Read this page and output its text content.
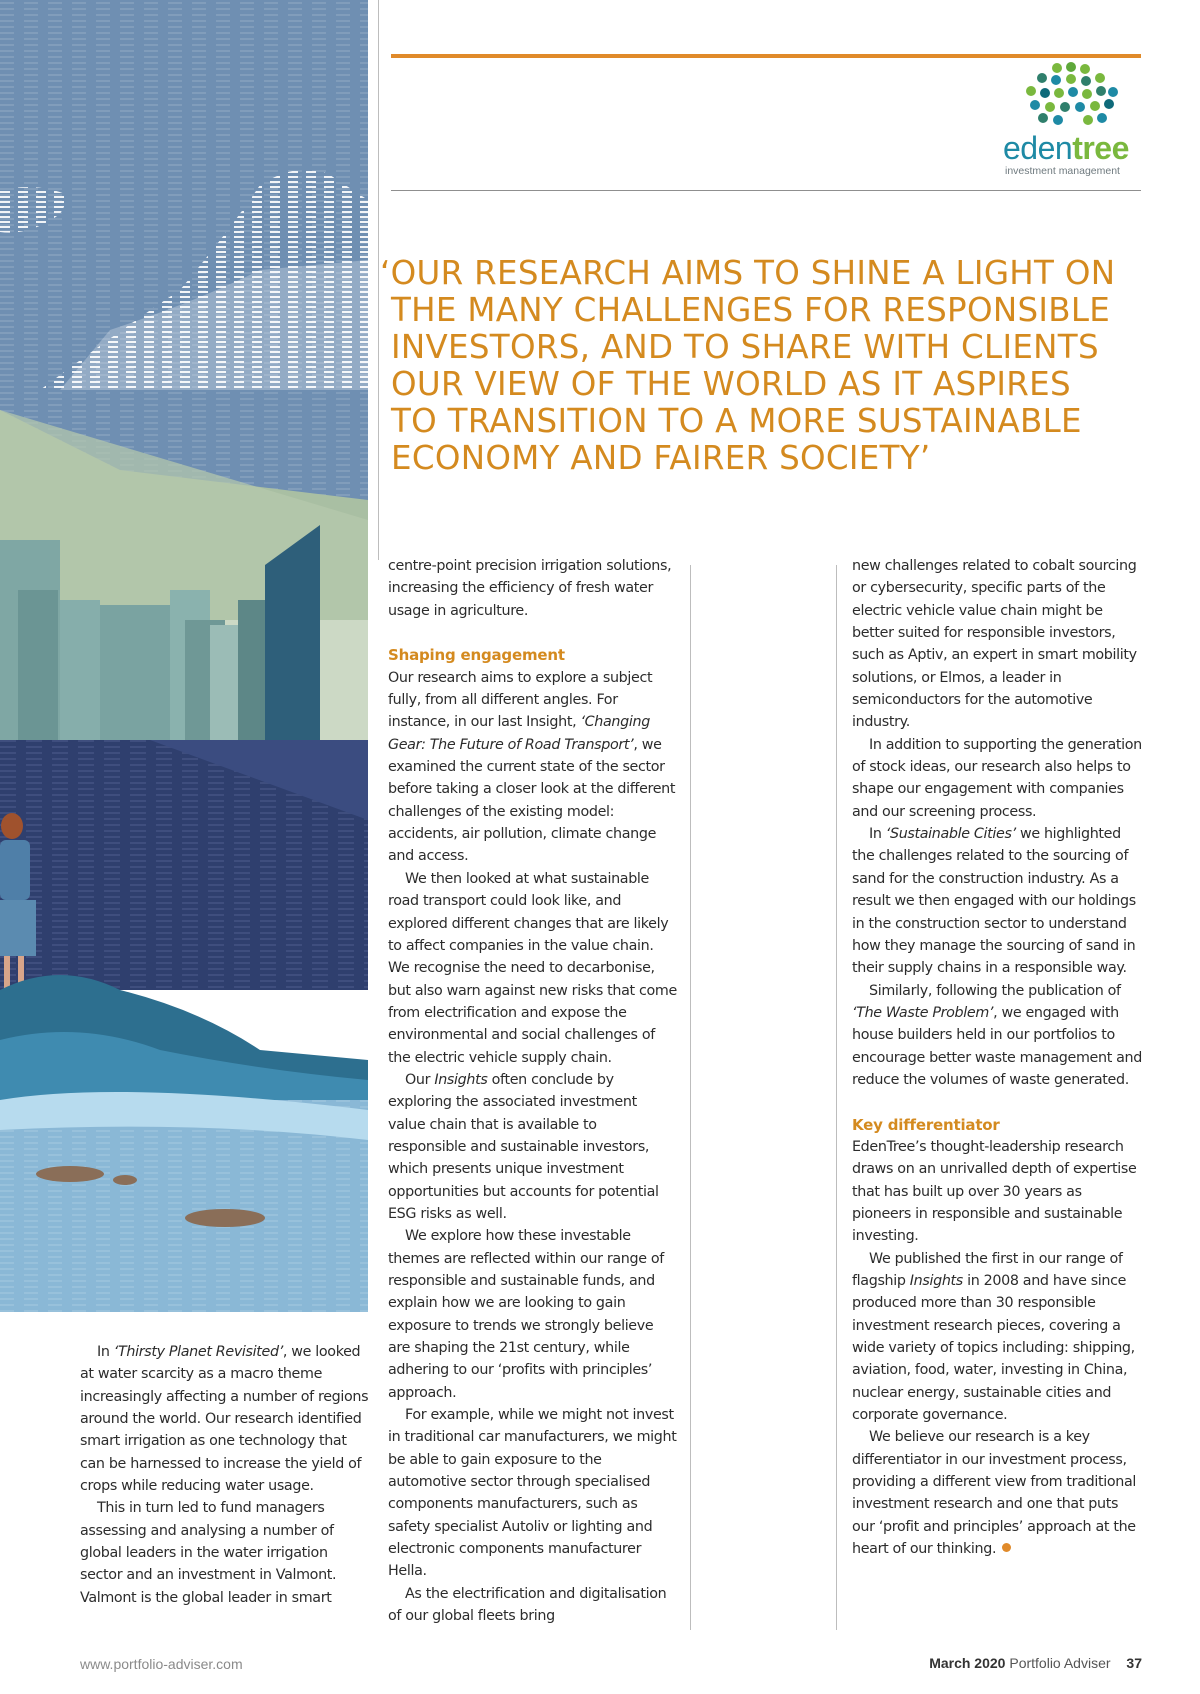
edentree
investment management
‘OUR RESEARCH AIMS TO SHINE A LIGHT ON
THE MANY CHALLENGES FOR RESPONSIBLE
INVESTORS, AND TO SHARE WITH CLIENTS
OUR VIEW OF THE WORLD AS IT ASPIRES
TO TRANSITION TO A MORE SUSTAINABLE
ECONOMY AND FAIRER SOCIETY’

In ‘Thirsty Planet Revisited’, we looked at water scarcity as a macro theme increasingly affecting a number of regions around the world. Our research identified smart irrigation as one technology that can be harnessed to increase the yield of crops while reducing water usage.

This in turn led to fund managers assessing and analysing a number of global leaders in the water irrigation sector and an investment in Valmont. Valmont is the global leader in smart

centre-point precision irrigation solutions, increasing the efficiency of fresh water usage in agriculture.

Shaping engagement

Our research aims to explore a subject fully, from all different angles. For instance, in our last Insight, ‘Changing Gear: The Future of Road Transport’, we examined the current state of the sector before taking a closer look at the different challenges of the existing model: accidents, air pollution, climate change and access.

We then looked at what sustainable road transport could look like, and explored different changes that are likely to affect companies in the value chain. We recognise the need to decarbonise, but also warn against new risks that come from electrification and expose the environmental and social challenges of the electric vehicle supply chain.

Our Insights often conclude by exploring the associated investment value chain that is available to responsible and sustainable investors, which presents unique investment opportunities but accounts for potential ESG risks as well.

We explore how these investable themes are reflected within our range of responsible and sustainable funds, and explain how we are looking to gain exposure to trends we strongly believe are shaping the 21st century, while adhering to our ‘profits with principles’ approach.

For example, while we might not invest in traditional car manufacturers, we might be able to gain exposure to the automotive sector through specialised components manufacturers, such as safety specialist Autoliv or lighting and electronic components manufacturer Hella.

As the electrification and digitalisation of our global fleets bring

new challenges related to cobalt sourcing or cybersecurity, specific parts of the electric vehicle value chain might be better suited for responsible investors, such as Aptiv, an expert in smart mobility solutions, or Elmos, a leader in semiconductors for the automotive industry.

In addition to supporting the generation of stock ideas, our research also helps to shape our engagement with companies and our screening process.

In ‘Sustainable Cities’ we highlighted the challenges related to the sourcing of sand for the construction industry. As a result we then engaged with our holdings in the construction sector to understand how they manage the sourcing of sand in their supply chains in a responsible way.

Similarly, following the publication of ‘The Waste Problem’, we engaged with house builders held in our portfolios to encourage better waste management and reduce the volumes of waste generated.

Key differentiator

EdenTree’s thought-leadership research draws on an unrivalled depth of expertise that has built up over 30 years as pioneers in responsible and sustainable investing.

We published the first in our range of flagship Insights in 2008 and have since produced more than 30 responsible investment research pieces, covering a wide variety of topics including: shipping, aviation, food, water, investing in China, nuclear energy, sustainable cities and corporate governance.

We believe our research is a key differentiator in our investment process, providing a different view from traditional investment research and one that puts our ‘profit and principles’ approach at the heart of our thinking.

www.portfolio-adviser.com	March 2020 Portfolio Adviser 37
